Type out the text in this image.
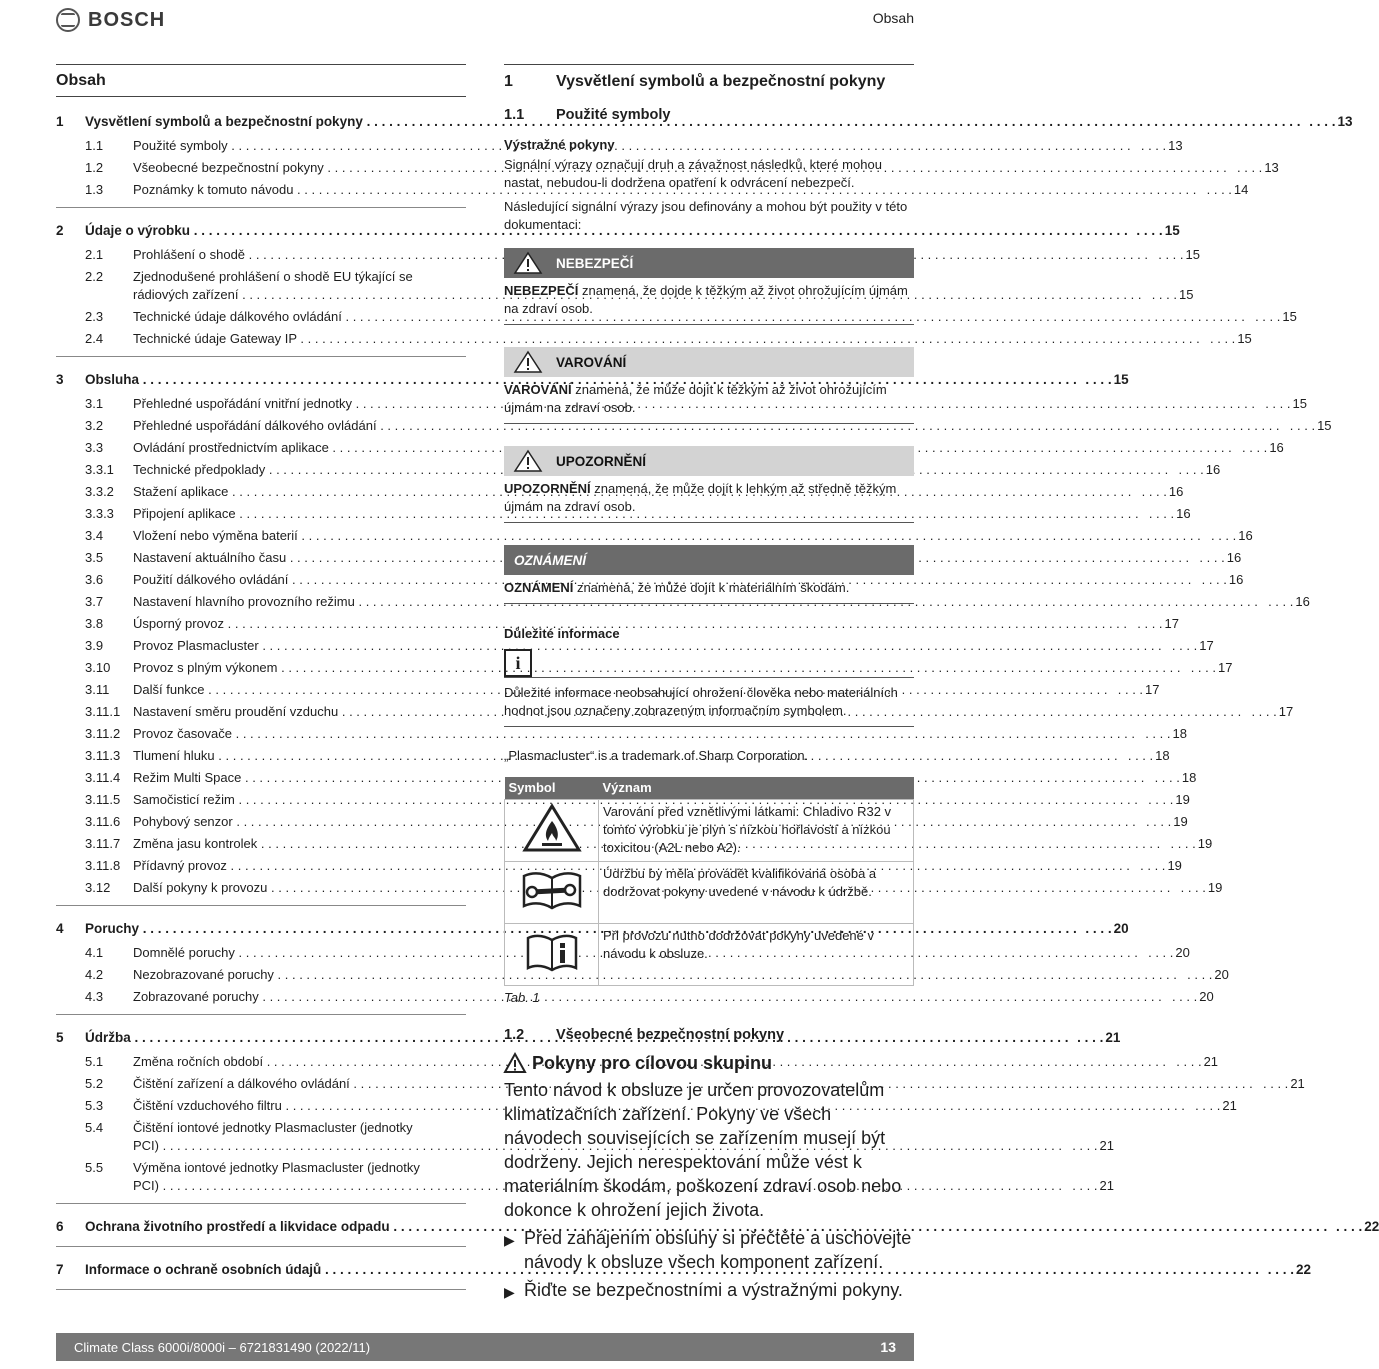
BOSCH	Obsah
Obsah
1	Vysvětlení symbolů a bezpečnostní pokyny . . .	. . . . 13
1.1	Použité symboly . . .	. . . . 13
1.2	Všeobecné bezpečnostní pokyny . . .	. . . . 13
1.3	Poznámky k tomuto návodu . . .	. . . . 14
2	Údaje o výrobku . . .	. . . . 15
2.1	Prohlášení o shodě . . .	. . . . 15
2.2	Zjednodušené prohlášení o shodě EU týkající se
rádiových zařízení . . .	. . . . 15
2.3	Technické údaje dálkového ovládání . . .	. . . . 15
2.4	Technické údaje Gateway IP . . .	. . . . 15
3	Obsluha . . .	. . . . 15
3.1	Přehledné uspořádání vnitřní jednotky . . .	. . . . 15
3.2	Přehledné uspořádání dálkového ovládání . . .	. . . . 15
3.3	Ovládání prostřednictvím aplikace . . .	. . . . 16
3.3.1	Technické předpoklady . . .	. . . . 16
3.3.2	Stažení aplikace . . .	. . . . 16
3.3.3	Připojení aplikace . . .	. . . . 16
3.4	Vložení nebo výměna baterií . . .	. . . . 16
3.5	Nastavení aktuálního času . . .	. . . . 16
3.6	Použití dálkového ovládání . . .	. . . . 16
3.7	Nastavení hlavního provozního režimu . . .	. . . . 16
3.8	Úsporný provoz . . .	. . . . 17
3.9	Provoz Plasmacluster . . .	. . . . 17
3.10	Provoz s plným výkonem . . .	. . . . 17
3.11	Další funkce . . .	. . . . 17
3.11.1 Nastavení směru proudění vzduchu . . .	. . . . 17
3.11.2 Provoz časovače . . .	. . . . 18
3.11.3 Tlumení hluku . . .	. . . . 18
3.11.4 Režim Multi Space . . .	. . . . 18
3.11.5 Samočisticí režim . . .	. . . . 19
3.11.6 Pohybový senzor . . .	. . . . 19
3.11.7 Změna jasu kontrolek . . .	. . . . 19
3.11.8 Přídavný provoz . . .	. . . . 19
3.12	Další pokyny k provozu . . .	. . . . 19
4	Poruchy . . .	. . . . 20
4.1	Domnělé poruchy . . .	. . . . 20
4.2	Nezobrazované poruchy . . .	. . . . 20
4.3	Zobrazované poruchy . . .	. . . . 20
5	Údržba . . .	. . . . 21
5.1	Změna ročních období . . .	. . . . 21
5.2	Čištění zařízení a dálkového ovládání . . .	. . . . 21
5.3	Čištění vzduchového filtru . . .	. . . . 21
5.4	Čištění iontové jednotky Plasmacluster (jednotky
PCI) . . .	. . . . 21
5.5	Výměna iontové jednotky Plasmacluster (jednotky
PCI) . . .	. . . . 21
6	Ochrana životního prostředí a likvidace odpadu . . .	. . . . 22
7	Informace o ochraně osobních údajů . . .	. . . . 22
1	Vysvětlení symbolů a bezpečnostní pokyny
1.1	Použité symboly
Výstražné pokyny
Signální výrazy označují druh a závažnost následků, které mohou nastat, nebudou-li dodržena opatření k odvrácení nebezpečí.
Následující signální výrazy jsou definovány a mohou být použity v této dokumentaci:
NEBEZPEČÍ
NEBEZPEČÍ znamená, že dojde k těžkým až život ohrožujícím újmám na zdraví osob.
VAROVÁNÍ
VAROVÁNÍ znamená, že může dojít k těžkým až život ohrožujícím újmám na zdraví osob.
UPOZORNĚNÍ
UPOZORNĚNÍ znamená, že může dojít k lehkým až středně těžkým újmám na zdraví osob.
OZNÁMENÍ
OZNÁMENÍ znamená, že může dojít k materiálním škodám.
Důležité informace
i
Důležité informace neobsahující ohrožení člověka nebo materiálních hodnot jsou označeny zobrazeným informačním symbolem.
„Plasmacluster“ is a trademark of Sharp Corporation.
Symbol	Význam
	Varování před vznětlivými látkami: Chladivo R32 v tomto výrobku je plyn s nízkou hořlavostí a nízkou toxicitou (A2L nebo A2).
	Údržbu by měla provádět kvalifikovaná osoba a dodržovat pokyny uvedené v návodu k údržbě.
	Při provozu nutno dodržovat pokyny uvedené v návodu k obsluze.
Tab. 1
1.2	Všeobecné bezpečnostní pokyny
Pokyny pro cílovou skupinu
Tento návod k obsluze je určen provozovatelům klimatizačních zařízení. Pokyny ve všech návodech souvisejících se zařízením musejí být dodrženy. Jejich nerespektování může vést k materiálním škodám, poškození zdraví osob nebo dokonce k ohrožení jejich života.
▶ Před zahájením obsluhy si přečtěte a uschovejte návody k obsluze všech komponent zařízení.
▶ Řiďte se bezpečnostními a výstražnými pokyny.
Climate Class 6000i/8000i – 6721831490 (2022/11)	13
